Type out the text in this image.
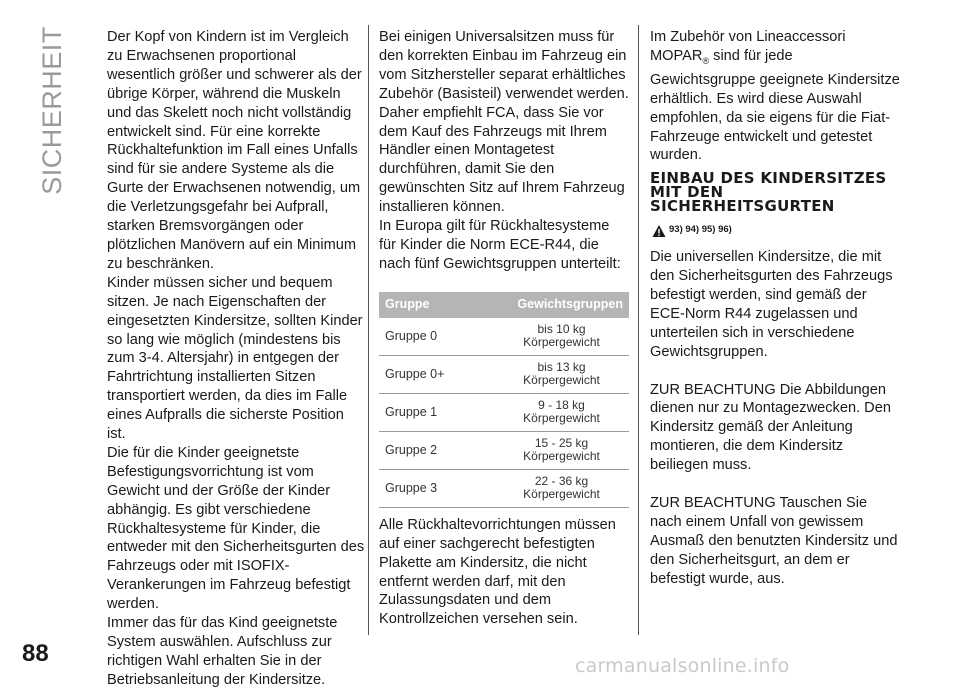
SICHERHEIT
88

Der Kopf von Kindern ist im Vergleich zu Erwachsenen proportional wesentlich größer und schwerer als der übrige Körper, während die Muskeln und das Skelett noch nicht vollständig entwickelt sind. Für eine korrekte Rückhaltefunktion im Fall eines Unfalls sind für sie andere Systeme als die Gurte der Erwachsenen notwendig, um die Verletzungsgefahr bei Aufprall, starken Bremsvorgängen oder plötzlichen Manövern auf ein Minimum zu beschränken.

Kinder müssen sicher und bequem sitzen. Je nach Eigenschaften der eingesetzten Kindersitze, sollten Kinder so lang wie möglich (mindestens bis zum 3-4. Altersjahr) in entgegen der Fahrtrichtung installierten Sitzen transportiert werden, da dies im Falle eines Aufpralls die sicherste Position ist.

Die für die Kinder geeignetste Befestigungsvorrichtung ist vom Gewicht und der Größe der Kinder abhängig. Es gibt verschiedene Rückhaltesysteme für Kinder, die entweder mit den Sicherheitsgurten des Fahrzeugs oder mit ISOFIX-Verankerungen im Fahrzeug befestigt werden.

Immer das für das Kind geeignetste System auswählen. Aufschluss zur richtigen Wahl erhalten Sie in der Betriebsanleitung der Kindersitze.

Bei einigen Universalsitzen muss für den korrekten Einbau im Fahrzeug ein vom Sitzhersteller separat erhältliches Zubehör (Basisteil) verwendet werden. Daher empfiehlt FCA, dass Sie vor dem Kauf des Fahrzeugs mit Ihrem Händler einen Montagetest durchführen, damit Sie den gewünschten Sitz auf Ihrem Fahrzeug installieren können.

In Europa gilt für Rückhaltesysteme für Kinder die Norm ECE-R44, die nach fünf Gewichtsgruppen unterteilt:

Gruppe	Gewichtsgruppen
Gruppe 0	bis 10 kg
Körpergewicht

Gruppe 0+	bis 13 kg
Körpergewicht

Gruppe 1	9 - 18 kg
Körpergewicht

Gruppe 2	15 - 25 kg
Körpergewicht

Gruppe 3	22 - 36 kg
Körpergewicht

Alle Rückhaltevorrichtungen müssen auf einer sachgerecht befestigten Plakette am Kindersitz, die nicht entfernt werden darf, mit den Zulassungsdaten und dem Kontrollzeichen versehen sein.

Im Zubehör von Lineaccessori $MOPAR_®$ sind für jede Gewichtsgruppe geeignete Kindersitze erhältlich. Es wird diese Auswahl empfohlen, da sie eigens für die Fiat-Fahrzeuge entwickelt und getestet wurden.

EINBAU DES KINDERSITZES MIT DEN SICHERHEITSGURTEN
93) 94) 95) 96)

Die universellen Kindersitze, die mit den Sicherheitsgurten des Fahrzeugs befestigt werden, sind gemäß der ECE-Norm R44 zugelassen und unterteilen sich in verschiedene Gewichtsgruppen.

ZUR BEACHTUNG Die Abbildungen dienen nur zu Montagezwecken. Den Kindersitz gemäß der Anleitung montieren, die dem Kindersitz beiliegen muss.

ZUR BEACHTUNG Tauschen Sie nach einem Unfall von gewissem Ausmaß den benutzten Kindersitz und den Sicherheitsgurt, an dem er befestigt wurde, aus.

carmanualsonline.info
